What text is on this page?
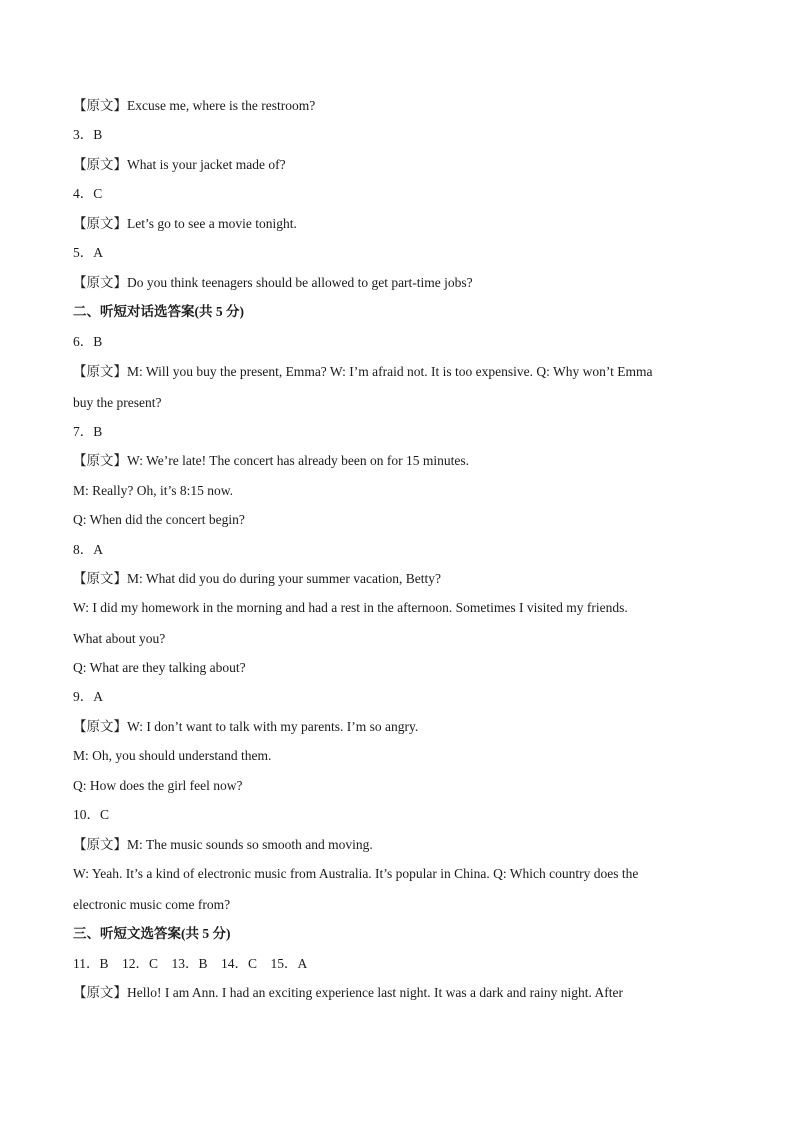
【原文】Excuse me, where is the restroom?
3．B
【原文】What is your jacket made of?
4．C
【原文】Let’s go to see a movie tonight.
5．A
【原文】Do you think teenagers should be allowed to get part-time jobs?
二、听短对话选答案(共 5 分)
6．B
【原文】M: Will you buy the present, Emma? W: I’m afraid not. It is too expensive. Q: Why won’t Emma
buy the present?
7．B
【原文】W: We’re late! The concert has already been on for 15 minutes.
M: Really? Oh, it’s 8:15 now.
Q: When did the concert begin?
8．A
【原文】M: What did you do during your summer vacation, Betty?
W: I did my homework in the morning and had a rest in the afternoon. Sometimes I visited my friends.
What about you?
Q: What are they talking about?
9．A
【原文】W: I don’t want to talk with my parents. I’m so angry.
M: Oh, you should understand them.
Q: How does the girl feel now?
10．C
【原文】M: The music sounds so smooth and moving.
W: Yeah. It’s a kind of electronic music from Australia. It’s popular in China. Q: Which country does the
electronic music come from?
三、听短文选答案(共 5 分)
11．B　12．C　13．B　14．C　15．A
【原文】Hello! I am Ann. I had an exciting experience last night. It was a dark and rainy night. After
